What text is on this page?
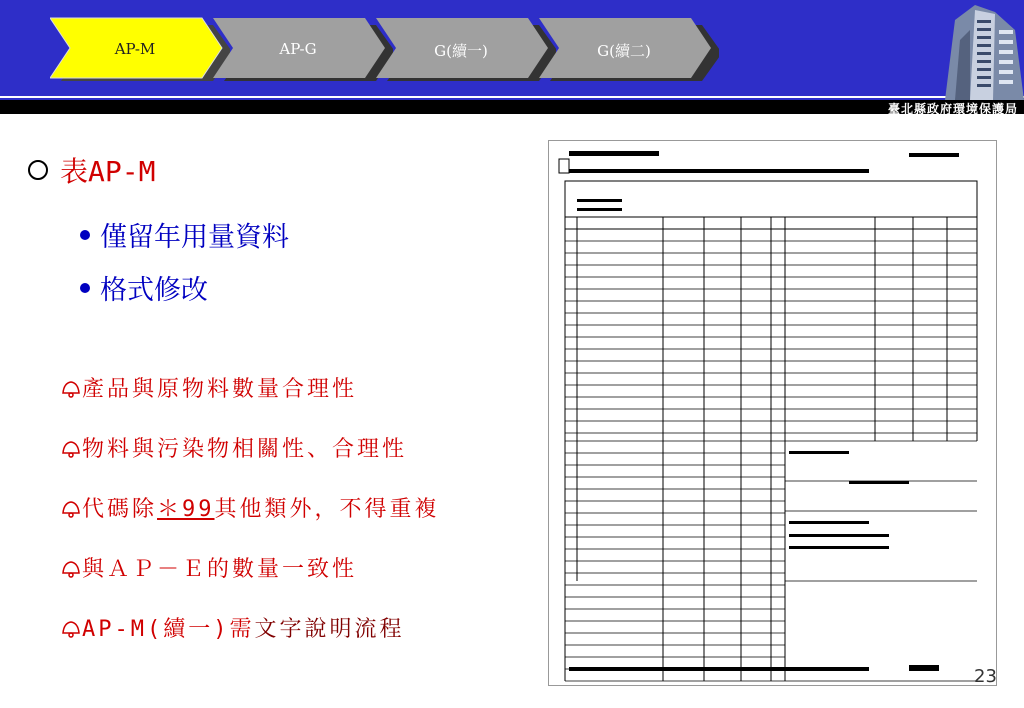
AP-M	AP-G	G(續一)	G(續二)
臺北縣政府環境保護局
表AP-M
僅留年用量資料
格式修改
產品與原物料數量合理性
物料與污染物相關性、合理性
代碼除＊99其他類外，不得重複
與ＡＰ－Ｅ的數量一致性
AP-M(續一)需文字說明流程
23
